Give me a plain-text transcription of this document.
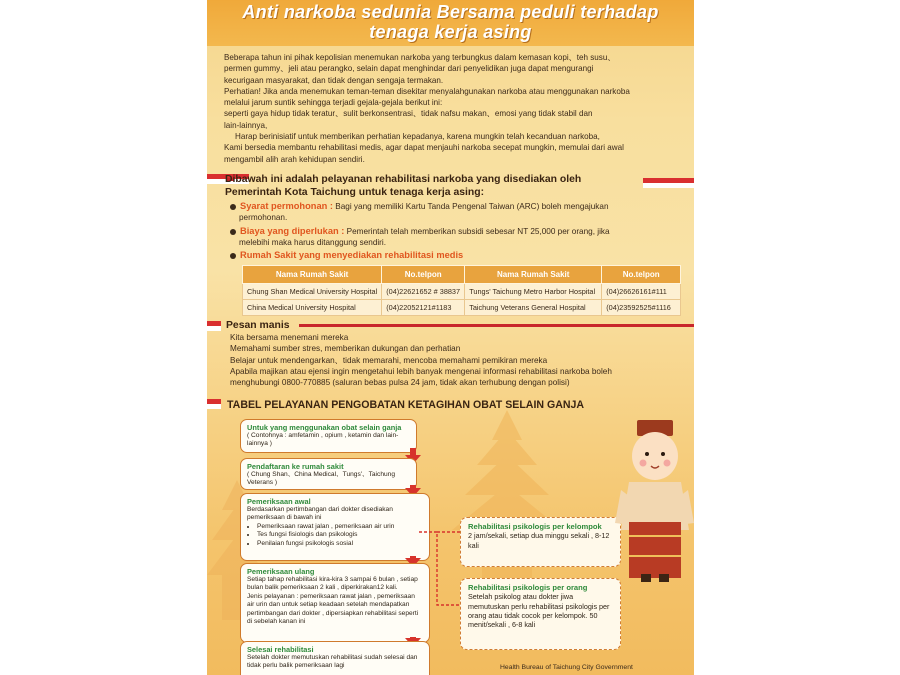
Anti narkoba sedunia Bersama peduli terhadap
tenaga kerja asing

Beberapa tahun ini pihak kepolisian menemukan narkoba yang terbungkus dalam kemasan kopi、teh susu、

permen gummy、jeli atau perangko, selain dapat menghindar dari penyelidikan juga dapat mengurangi

kecurigaan masyarakat, dan tidak dengan sengaja termakan.

Perhatian! Jika anda menemukan teman-teman disekitar menyalahgunakan narkoba atau menggunakan narkoba

melalui jarum suntik sehingga terjadi gejala-gejala berikut ini:

seperti gaya hidup tidak teratur、sulit berkonsentrasi、tidak nafsu makan、emosi yang tidak stabil dan

lain-lainnya,

Harap berinisiatif untuk memberikan perhatian kepadanya, karena mungkin telah kecanduan narkoba,

Kami bersedia membantu rehabilitasi medis, agar dapat menjauhi narkoba secepat mungkin, memulai dari awal

mengambil alih arah kehidupan sendiri.

Dibawah ini adalah pelayanan rehabilitasi narkoba yang disediakan oleh
Pemerintah Kota Taichung untuk tenaga kerja asing:
Syarat permohonan : Bagi yang memiliki Kartu Tanda Pengenal Taiwan (ARC) boleh mengajukan
permohonan.
Biaya yang diperlukan : Pemerintah telah memberikan subsidi sebesar NT 25,000 per orang, jika
melebihi maka harus ditanggung sendiri.
Rumah Sakit yang menyediakan rehabilitasi medis
Nama Rumah Sakit	No.telpon	Nama Rumah Sakit	No.telpon
Chung Shan Medical University Hospital	(04)22621652 # 38837	Tungs' Taichung Metro Harbor Hospital	(04)26626161#111
China Medical University Hospital	(04)22052121#1183	Taichung Veterans General Hospital	(04)23592525#1116
Pesan manis

Kita bersama menemani mereka

Memahami sumber stres, memberikan dukungan dan perhatian

Belajar untuk mendengarkan、tidak memarahi, mencoba memahami pemikiran mereka

Apabila majikan atau ejensi ingin mengetahui lebih banyak mengenai informasi rehabilitasi narkoba boleh

menghubungi 0800-770885 (saluran bebas pulsa 24 jam, tidak akan terhubung dengan polisi)

TABEL PELAYANAN PENGOBATAN KETAGIHAN OBAT SELAIN GANJA
Untuk yang menggunakan obat selain ganja
( Contohnya : amfetamin , opium , ketamin dan lain-lainnya )
Pendaftaran ke rumah sakit
( Chung Shan、China Medical、Tungs'、Taichung Veterans )
Pemeriksaan awal
Berdasarkan pertimbangan dari dokter disediakan pemeriksaan di bawah ini
• Pemeriksaan rawat jalan , pemeriksaan air urin
• Tes fungsi fisiologis dan psikologis
• Penilaian fungsi psikologis sosial
Pemeriksaan ulang
Setiap tahap rehabilitasi kira-kira 3 sampai 6 bulan , setiap bulan balik pemeriksaan 2 kali , diperkirakan12 kali.
Jenis pelayanan : pemeriksaan rawat jalan , pemeriksaan air urin dan untuk setiap keadaan setelah mendapatkan pertimbangan dari dokter , dipersiapkan rehabilitasi seperti di sebelah kanan ini
Selesai rehabilitasi
Setelah dokter memutuskan rehabilitasi sudah selesai dan tidak perlu balik pemeriksaan lagi
Rehabilitasi psikologis per kelompok
2 jam/sekali, setiap dua minggu sekali , 8-12 kali
Rehabilitasi psikologis per orang
Setelah psikolog atau dokter jiwa memutuskan perlu rehabilitasi psikologis per orang atau tidak cocok per kelompok. 50 menit/sekali , 6-8 kali
Health Bureau of Taichung City Government
